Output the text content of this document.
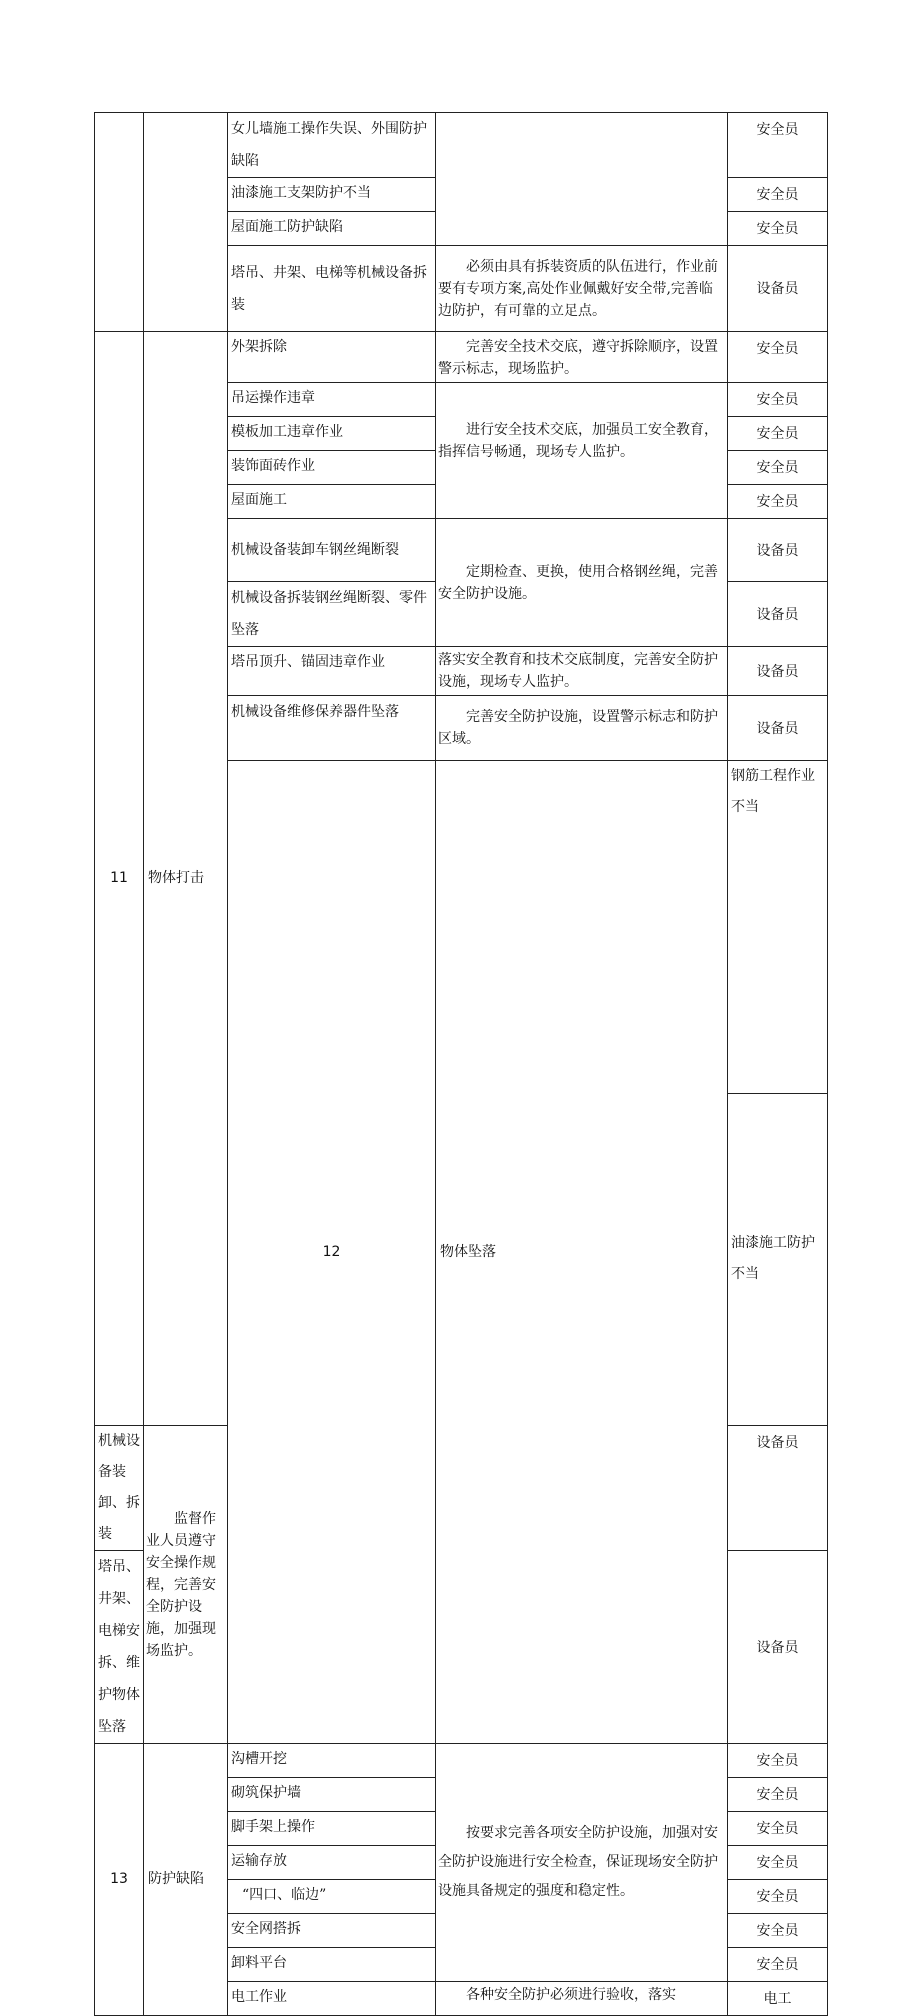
		女儿墙施工操作失误、外围防护缺陷		安全员	
		油漆施工支架防护不当		安全员	
		屋面施工防护缺陷		安全员	
		塔吊、井架、电梯等机械设备拆装	必须由具有拆装资质的队伍进行，作业前要有专项方案,高处作业佩戴好安全带,完善临边防护，有可靠的立足点。	设备员	
11	物体打击	外架拆除	完善安全技术交底，遵守拆除顺序，设置警示标志，现场监护。	安全员	
		吊运操作违章	进行安全技术交底，加强员工安全教育，指挥信号畅通，现场专人监护。	安全员	
		模板加工违章作业		安全员	
		装饰面砖作业		安全员	
		屋面施工		安全员	
		机械设备装卸车钢丝绳断裂	定期检查、更换，使用合格钢丝绳，完善安全防护设施。	设备员	
		机械设备拆装钢丝绳断裂、零件坠落		设备员	
		塔吊顶升、锚固违章作业	落实安全教育和技术交底制度，完善安全防护设施，现场专人监护。	设备员	
		机械设备维修保养器件坠落	完善安全防护设施，设置警示标志和防护区域。	设备员	
		12	物体坠落	钢筋工程作业不当		
				油漆施工防护不当	
机械设备装卸、拆装	监督作业人员遵守安全操作规程，完善安全防护设施，加强现场监护。			设备员	
塔吊、井架、电梯安拆、维护物体坠落				设备员	
13	防护缺陷	沟槽开挖	按要求完善各项安全防护设施，加强对安全防护设施进行安全检查，保证现场安全防护设施具备规定的强度和稳定性。	安全员	
		砌筑保护墙		安全员	
		脚手架上操作		安全员	
		运输存放		安全员	
		“四口、临边”		安全员	
		安全网搭拆		安全员	
		卸料平台		安全员	
		电工作业	各种安全防护必须进行验收，落实	电工	
